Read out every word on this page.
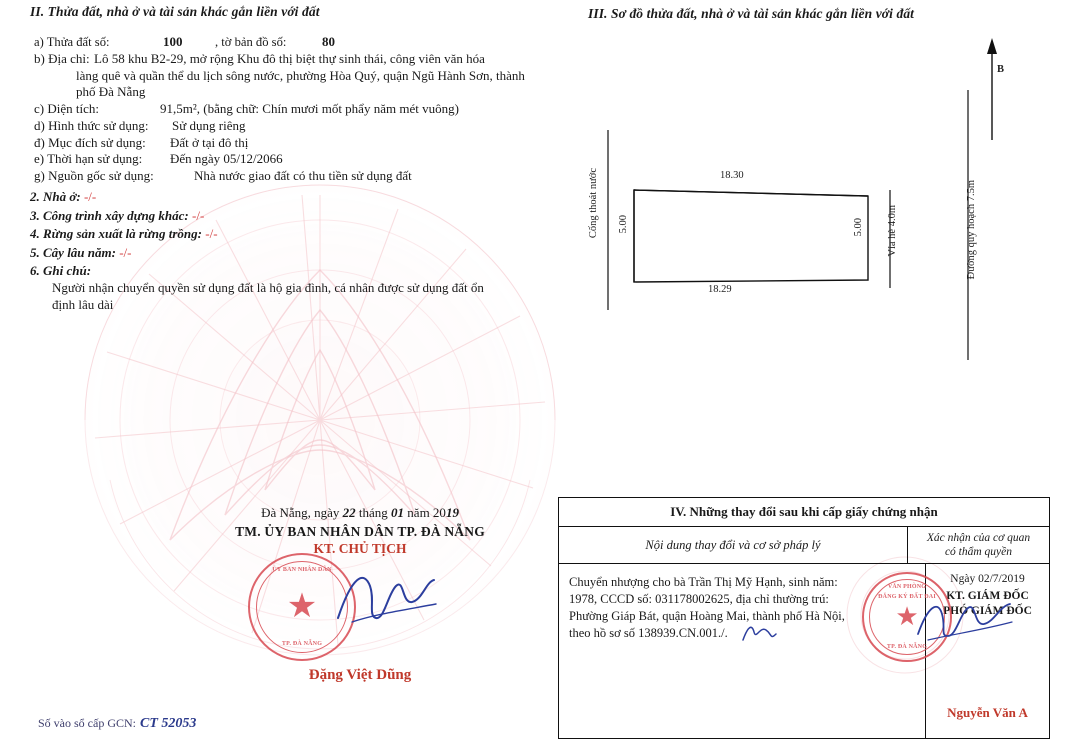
II. Thửa đất, nhà ở và tài sản khác gắn liền với đất	III. Sơ đồ thửa đất, nhà ở và tài sản khác gắn liền với đất
a) Thửa đất số:	100	, tờ bản đồ số:	80
b) Địa chỉ: Lô 58 khu B2-29, mở rộng Khu đô thị biệt thự sinh thái, công viên văn hóa
làng quê và quần thể du lịch sông nước, phường Hòa Quý, quận Ngũ Hành Sơn, thành
phố Đà Nẵng
c) Diện tích:	91,5m², (bằng chữ: Chín mươi mốt phẩy năm mét vuông)
d) Hình thức sử dụng: Sử dụng riêng
đ) Mục đích sử dụng: Đất ở tại đô thị
e) Thời hạn sử dụng: Đến ngày 05/12/2066
g) Nguồn gốc sử dụng:	Nhà nước giao đất có thu tiền sử dụng đất
2. Nhà ở: -/-
3. Công trình xây dựng khác: -/-
4. Rừng sản xuất là rừng trồng: -/-
5. Cây lâu năm: -/-
6. Ghi chú:
Người nhận chuyển quyền sử dụng đất là hộ gia đình, cá nhân được sử dụng đất ổn
định lâu dài
Đà Nẵng, ngày 22 tháng 01 năm 2019
TM. ỦY BAN NHÂN DÂN TP. ĐÀ NẴNG
KT. CHỦ TỊCH
Đặng Việt Dũng
★
ỦY BAN NHÂN DÂN
TP. ĐÀ NẴNG
Số vào sổ cấp GCN: CT 52053
B
Cống thoát nước	18.30
18.29
5.00	5.00 Vỉa hè 4.0m	Đường quy hoạch 7.5m
IV. Những thay đổi sau khi cấp giấy chứng nhận
Nội dung thay đổi và cơ sở pháp lý	Xác nhận của cơ quan
có thẩm quyền
Chuyển nhượng cho bà Trần Thị Mỹ Hạnh, sinh năm:
1978, CCCD số: 031178002625, địa chỉ thường trú:
Phường Giáp Bát, quận Hoàng Mai, thành phố Hà Nội,
theo hồ sơ số 138939.CN.001./.
Ngày 02/7/2019
KT. GIÁM ĐỐC
PHÓ GIÁM ĐỐC
Nguyễn Văn A
★
VĂN PHÒNG
ĐĂNG KÝ ĐẤT ĐAI
TP. ĐÀ NẴNG
